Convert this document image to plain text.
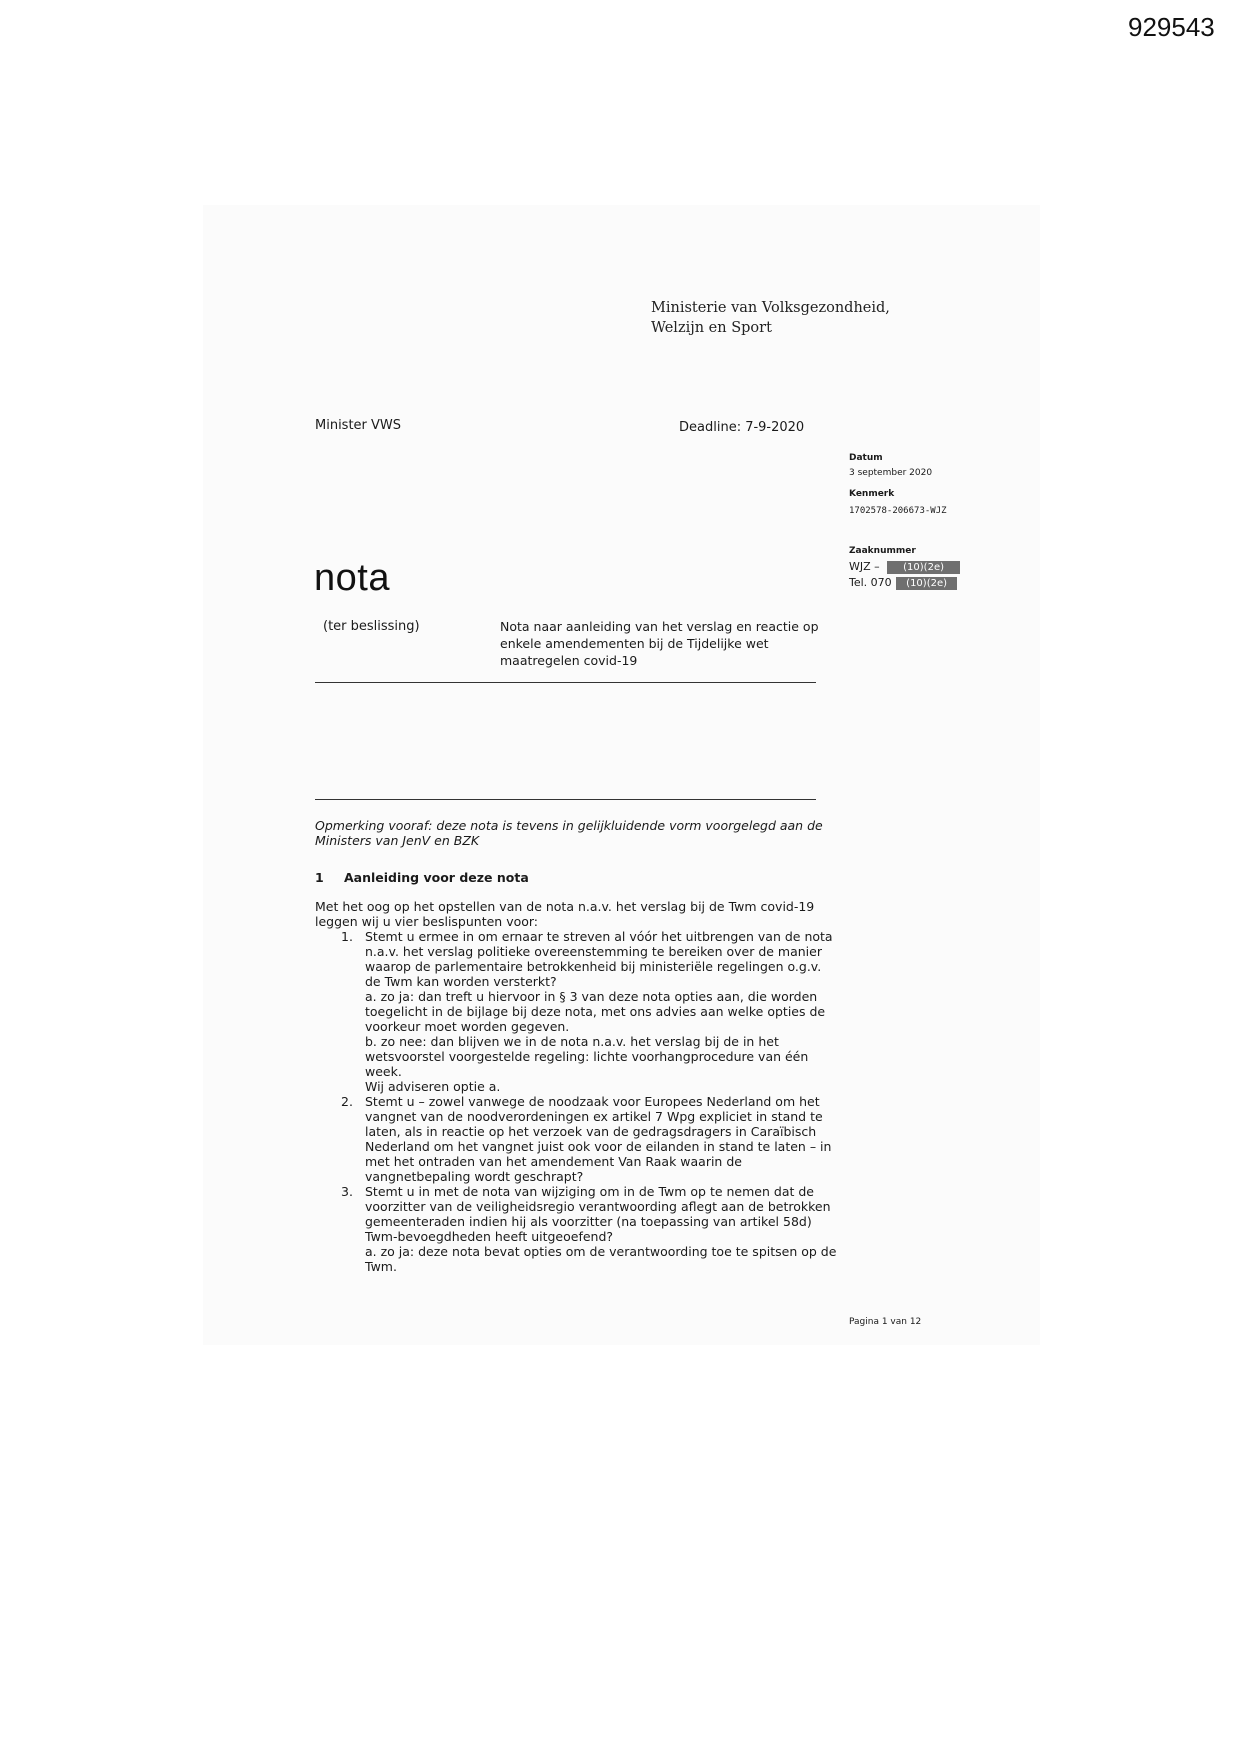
929543
Ministerie van Volksgezondheid,
Welzijn en Sport
Minister VWS	Deadline: 7-9-2020
Datum
3 september 2020
Kenmerk
1702578-206673-WJZ
Zaaknummer
WJZ – (10)(2e)
Tel. 070 (10)(2e)
nota
(ter beslissing)	Nota naar aanleiding van het verslag en reactie op enkele amendementen bij de Tijdelijke wet maatregelen covid-19
Opmerking vooraf: deze nota is tevens in gelijkluidende vorm voorgelegd aan de Ministers van JenV en BZK
1 Aanleiding voor deze nota
Met het oog op het opstellen van de nota n.a.v. het verslag bij de Twm covid-19 leggen wij u vier beslispunten voor:
1. Stemt u ermee in om ernaar te streven al vóór het uitbrengen van de nota n.a.v. het verslag politieke overeenstemming te bereiken over de manier waarop de parlementaire betrokkenheid bij ministeriële regelingen o.g.v. de Twm kan worden versterkt?
a. zo ja: dan treft u hiervoor in § 3 van deze nota opties aan, die worden toegelicht in de bijlage bij deze nota, met ons advies aan welke opties de voorkeur moet worden gegeven.
b. zo nee: dan blijven we in de nota n.a.v. het verslag bij de in het wetsvoorstel voorgestelde regeling: lichte voorhangprocedure van één week.
Wij adviseren optie a.
2. Stemt u – zowel vanwege de noodzaak voor Europees Nederland om het vangnet van de noodverordeningen ex artikel 7 Wpg expliciet in stand te laten, als in reactie op het verzoek van de gedragsdragers in Caraïbisch Nederland om het vangnet juist ook voor de eilanden in stand te laten – in met het ontraden van het amendement Van Raak waarin de vangnetbepaling wordt geschrapt?
3. Stemt u in met de nota van wijziging om in de Twm op te nemen dat de voorzitter van de veiligheidsregio verantwoording aflegt aan de betrokken gemeenteraden indien hij als voorzitter (na toepassing van artikel 58d) Twm-bevoegdheden heeft uitgeoefend?
a. zo ja: deze nota bevat opties om de verantwoording toe te spitsen op de Twm.
Pagina 1 van 12
